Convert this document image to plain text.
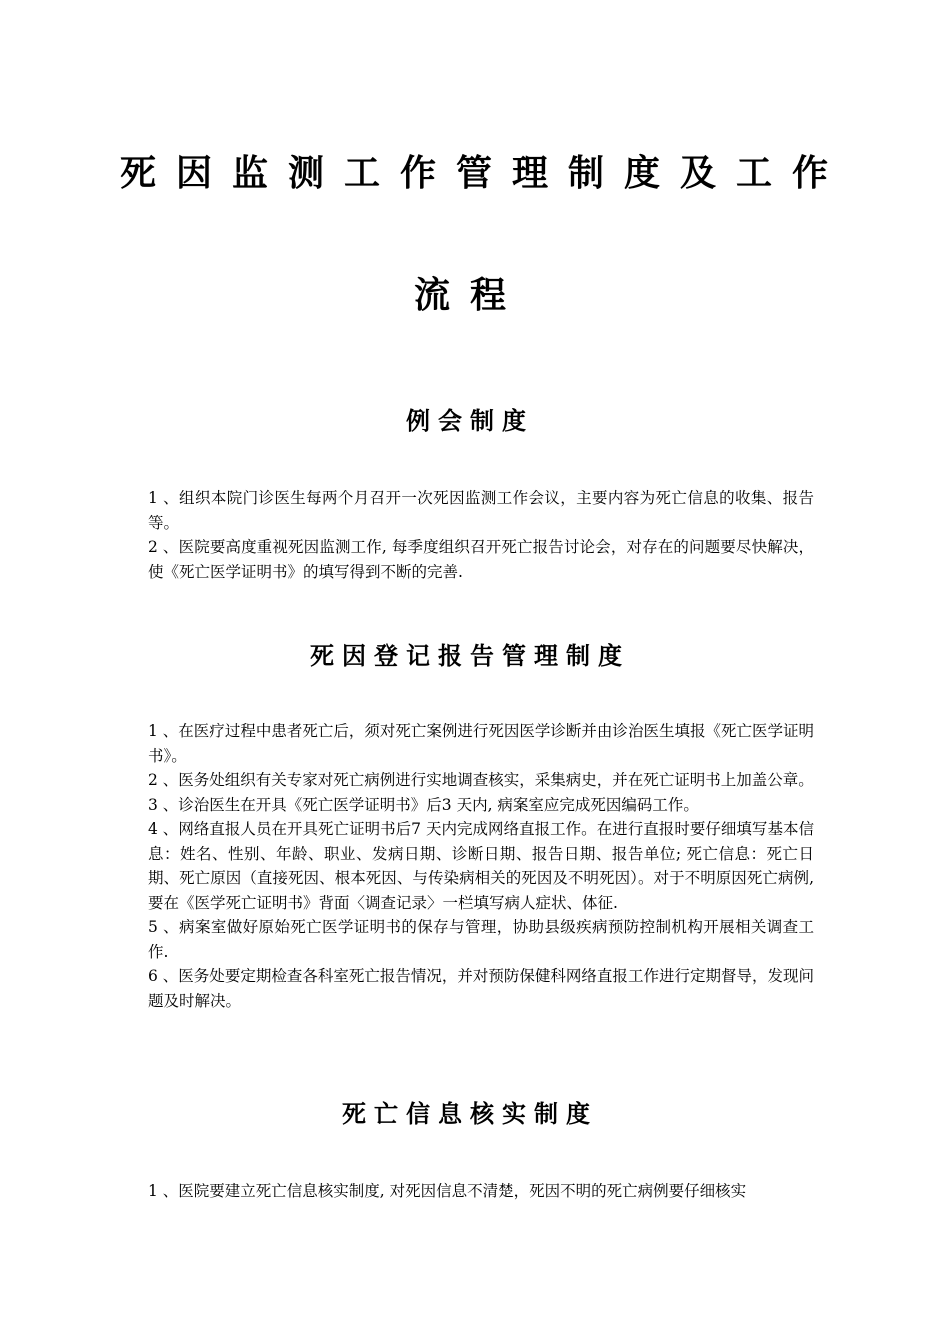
死因监测工作管理制度及工作
流程
例会制度

1 、组织本院门诊医生每两个月召开一次死因监测工作会议，主要内容为死亡信息的收集、报告等。

2 、医院要高度重视死因监测工作, 每季度组织召开死亡报告讨论会，对存在的问题要尽快解决，使《死亡医学证明书》的填写得到不断的完善.

死因登记报告管理制度

1 、在医疗过程中患者死亡后，须对死亡案例进行死因医学诊断并由诊治医生填报《死亡医学证明书》。

2 、医务处组织有关专家对死亡病例进行实地调查核实，采集病史，并在死亡证明书上加盖公章。

3 、诊治医生在开具《死亡医学证明书》后3 天内, 病案室应完成死因编码工作。

4 、网络直报人员在开具死亡证明书后7 天内完成网络直报工作。在进行直报时要仔细填写基本信息：姓名、性别、年龄、职业、发病日期、诊断日期、报告日期、报告单位; 死亡信息：死亡日期、死亡原因（直接死因、根本死因、与传染病相关的死因及不明死因）。对于不明原因死亡病例, 要在《医学死亡证明书》背面〈调查记录〉一栏填写病人症状、体征.

5 、病案室做好原始死亡医学证明书的保存与管理，协助县级疾病预防控制机构开展相关调查工作.

6 、医务处要定期检查各科室死亡报告情况，并对预防保健科网络直报工作进行定期督导，发现问题及时解决。

死亡信息核实制度

1 、医院要建立死亡信息核实制度, 对死因信息不清楚，死因不明的死亡病例要仔细核实
